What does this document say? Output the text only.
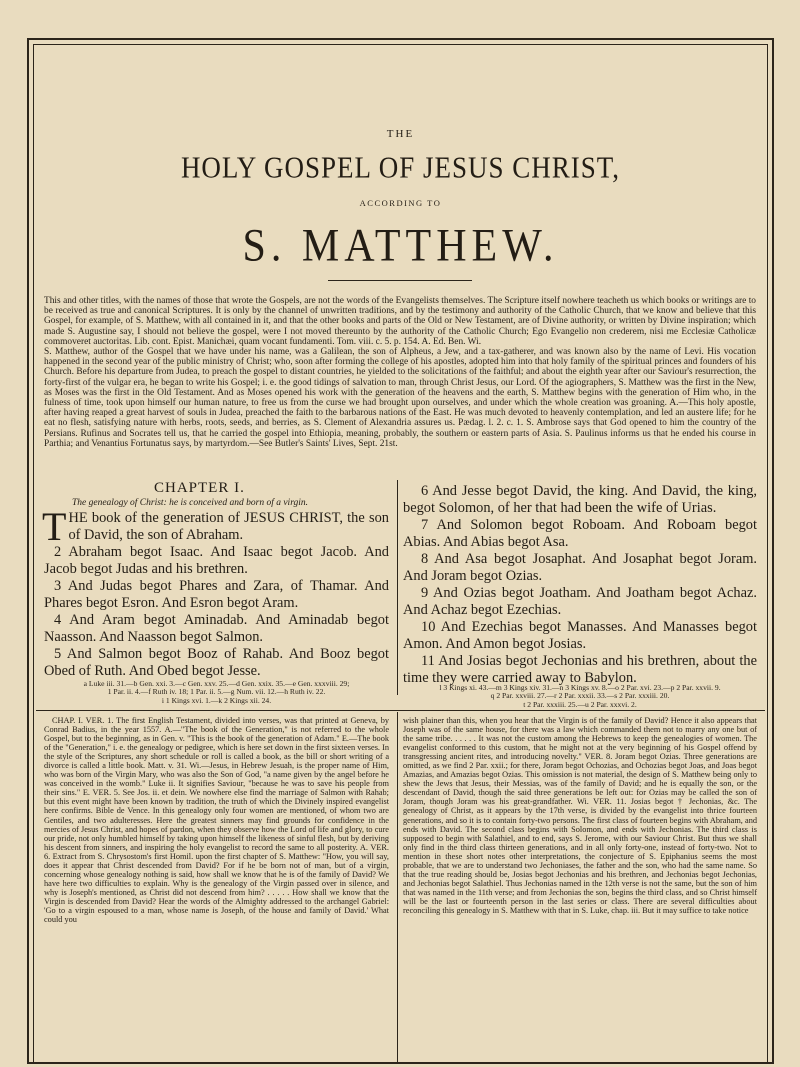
THE
HOLY GOSPEL OF JESUS CHRIST,
ACCORDING TO
S. MATTHEW.

This and other titles, with the names of those that wrote the Gospels, are not the words of the Evangelists themselves. The Scripture itself nowhere teacheth us which books or writings are to be received as true and canonical Scriptures. It is only by the channel of unwritten traditions, and by the testimony and authority of the Catholic Church, that we know and believe that this Gospel, for example, of S. Matthew, with all contained in it, and that the other books and parts of the Old or New Testament, are of Divine authority, or written by Divine inspiration; which made S. Augustine say, I should not believe the gospel, were I not moved thereunto by the authority of the Catholic Church; Ego Evangelio non crederem, nisi me Ecclesiæ Catholicæ commoveret auctoritas. Lib. cont. Epist. Manichæi, quam vocant fundamenti. Tom. viii. c. 5. p. 154. A. Ed. Ben. Wi.

S. Matthew, author of the Gospel that we have under his name, was a Galilean, the son of Alpheus, a Jew, and a tax-gatherer, and was known also by the name of Levi. His vocation happened in the second year of the public ministry of Christ; who, soon after forming the college of his apostles, adopted him into that holy family of the spiritual princes and founders of his Church. Before his departure from Judea, to preach the gospel to distant countries, he yielded to the solicitations of the faithful; and about the eighth year after our Saviour's resurrection, the forty-first of the vulgar era, he began to write his Gospel; i. e. the good tidings of salvation to man, through Christ Jesus, our Lord. Of the agiographers, S. Matthew was the first in the New, as Moses was the first in the Old Testament. And as Moses opened his work with the generation of the heavens and the earth, S. Matthew begins with the generation of Him who, in the fulness of time, took upon himself our human nature, to free us from the curse we had brought upon ourselves, and under which the whole creation was groaning. A.—This holy apostle, after having reaped a great harvest of souls in Judea, preached the faith to the barbarous nations of the East. He was much devoted to heavenly contemplation, and led an austere life; for he eat no flesh, satisfying nature with herbs, roots, seeds, and berries, as S. Clement of Alexandria assures us. Pædag. l. 2. c. 1. S. Ambrose says that God opened to him the country of the Persians. Rufinus and Socrates tell us, that he carried the gospel into Ethiopia, meaning, probably, the southern or eastern parts of Asia. S. Paulinus informs us that he ended his course in Parthia; and Venantius Fortunatus says, by martyrdom.—See Butler's Saints' Lives, Sept. 21st.

CHAPTER I.
The genealogy of Christ: he is conceived and born of a virgin.

THE book of the generation of JESUS CHRIST, the son of David, the son of Abraham.

2 Abraham begot Isaac. And Isaac begot Jacob. And Jacob begot Judas and his brethren.

3 And Judas begot Phares and Zara, of Thamar. And Phares begot Esron. And Esron begot Aram.

4 And Aram begot Aminadab. And Aminadab begot Naasson. And Naasson begot Salmon.

5 And Salmon begot Booz of Rahab. And Booz begot Obed of Ruth. And Obed begot Jesse.

6 And Jesse begot David, the king. And David, the king, begot Solomon, of her that had been the wife of Urias.

7 And Solomon begot Roboam. And Roboam begot Abias. And Abias begot Asa.

8 And Asa begot Josaphat. And Josaphat begot Joram. And Joram begot Ozias.

9 And Ozias begot Joatham. And Joatham begot Achaz. And Achaz begot Ezechias.

10 And Ezechias begot Manasses. And Manasses begot Amon. And Amon begot Josias.

11 And Josias begot Jechonias and his brethren, about the time they were carried away to Babylon.

a Luke iii. 31.—b Gen. xxi. 3.—c Gen. xxv. 25.—d Gen. xxix. 35.—e Gen. xxxviii. 29;

1 Par. ii. 4.—f Ruth iv. 18; 1 Par. ii. 5.—g Num. vii. 12.—h Ruth iv. 22.

i 1 Kings xvi. 1.—k 2 Kings xii. 24.

l 3 Kings xi. 43.—m 3 Kings xiv. 31.—n 3 Kings xv. 8.—o 2 Par. xvi. 23.—p 2 Par. xxvii. 9.

q 2 Par. xxviii. 27.—r 2 Par. xxxii. 33.—s 2 Par. xxxiii. 20.

t 2 Par. xxxiii. 25.—u 2 Par. xxxvi. 2.

CHAP. I. VER. 1. The first English Testament, divided into verses, was that printed at Geneva, by Conrad Badius, in the year 1557. A.—"The book of the Generation," is not referred to the whole Gospel, but to the beginning, as in Gen. v. "This is the book of the generation of Adam." E.—The book of the "Generation," i. e. the genealogy or pedigree, which is here set down in the first sixteen verses. In the style of the Scriptures, any short schedule or roll is called a book, as the bill or short writing of a divorce is called a little book. Matt. v. 31. Wi.—Jesus, in Hebrew Jesuah, is the proper name of Him, who was born of the Virgin Mary, who was also the Son of God, "a name given by the angel before he was conceived in the womb." Luke ii. It signifies Saviour, "because he was to save his people from their sins." E. VER. 5. See Jos. ii. et dein. We nowhere else find the marriage of Salmon with Rahab; but this event might have been known by tradition, the truth of which the Divinely inspired evangelist here confirms. Bible de Vence. In this genealogy only four women are mentioned, of whom two are Gentiles, and two adulteresses. Here the greatest sinners may find grounds for confidence in the mercies of Jesus Christ, and hopes of pardon, when they observe how the Lord of life and glory, to cure our pride, not only humbled himself by taking upon himself the likeness of sinful flesh, but by deriving his descent from sinners, and inspiring the holy evangelist to record the same to all posterity. A. VER. 6. Extract from S. Chrysostom's first Homil. upon the first chapter of S. Matthew: "How, you will say, does it appear that Christ descended from David? For if he be born not of man, but of a virgin, concerning whose genealogy nothing is said, how shall we know that he is of the family of David? We have here two difficulties to explain. Why is the genealogy of the Virgin passed over in silence, and why is Joseph's mentioned, as Christ did not descend from him? . . . . . How shall we know that the Virgin is descended from David? Hear the words of the Almighty addressed to the archangel Gabriel: 'Go to a virgin espoused to a man, whose name is Joseph, of the house and family of David.' What could you

wish plainer than this, when you hear that the Virgin is of the family of David? Hence it also appears that Joseph was of the same house, for there was a law which commanded them not to marry any one but of the same tribe. . . . . . It was not the custom among the Hebrews to keep the genealogies of women. The evangelist conformed to this custom, that he might not at the very beginning of his Gospel offend by transgressing ancient rites, and introducing novelty." VER. 8. Joram begot Ozias. Three generations are omitted, as we find 2 Par. xxii.; for there, Joram begot Ochozias, and Ochozias begot Joas, and Joas begot Amazias, and Amazias begot Ozias. This omission is not material, the design of S. Matthew being only to shew the Jews that Jesus, their Messias, was of the family of David; and he is equally the son, or the descendant of David, though the said three generations be left out: for Ozias may be called the son of Joram, though Joram was his great-grandfather. Wi. VER. 11. Josias begot † Jechonias, &c. The genealogy of Christ, as it appears by the 17th verse, is divided by the evangelist into thrice fourteen generations, and so it is to contain forty-two persons. The first class of fourteen begins with Abraham, and ends with David. The second class begins with Solomon, and ends with Jechonias. The third class is supposed to begin with Salathiel, and to end, says S. Jerome, with our Saviour Christ. But thus we shall only find in the third class thirteen generations, and in all only forty-one, instead of forty-two. Not to mention in these short notes other interpretations, the conjecture of S. Epiphanius seems the most probable, that we are to understand two Jechoniases, the father and the son, who had the same name. So that the true reading should be, Josias begot Jechonias and his brethren, and Jechonias begot Jechonias, and Jechonias begot Salathiel. Thus Jechonias named in the 12th verse is not the same, but the son of him that was named in the 11th verse; and from Jechonias the son, begins the third class, and so Christ himself will be the last or fourteenth person in the last series or class. There are several difficulties about reconciling this genealogy in S. Matthew with that in S. Luke, chap. iii. But it may suffice to take notice
